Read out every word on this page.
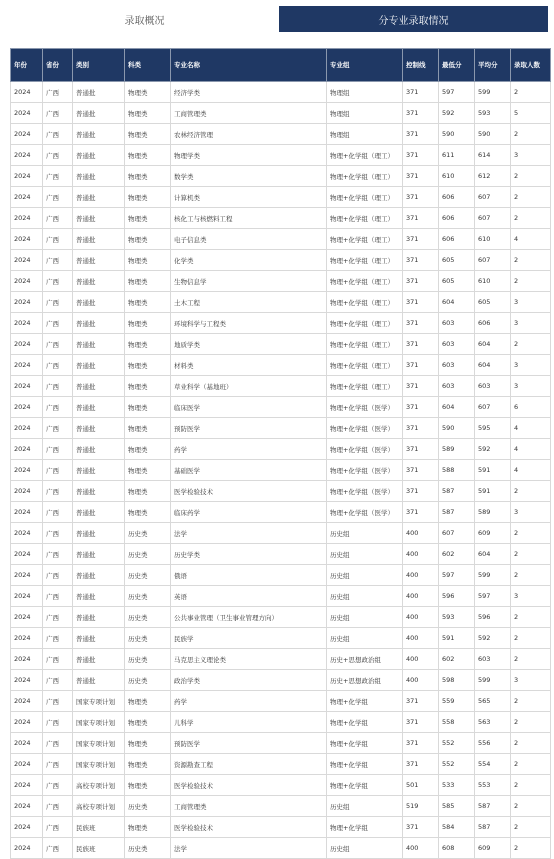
录取概况	分专业录取情况
年份	省份	类别	科类	专业名称	专业组	控制线	最低分	平均分	录取人数
2024	广西	普通批	物理类	经济学类	物理组	371	597	599	2
2024	广西	普通批	物理类	工商管理类	物理组	371	592	593	5
2024	广西	普通批	物理类	农林经济管理	物理组	371	590	590	2
2024	广西	普通批	物理类	物理学类	物理+化学组（理工）	371	611	614	3
2024	广西	普通批	物理类	数学类	物理+化学组（理工）	371	610	612	2
2024	广西	普通批	物理类	计算机类	物理+化学组（理工）	371	606	607	2
2024	广西	普通批	物理类	核化工与核燃料工程	物理+化学组（理工）	371	606	607	2
2024	广西	普通批	物理类	电子信息类	物理+化学组（理工）	371	606	610	4
2024	广西	普通批	物理类	化学类	物理+化学组（理工）	371	605	607	2
2024	广西	普通批	物理类	生物信息学	物理+化学组（理工）	371	605	610	2
2024	广西	普通批	物理类	土木工程	物理+化学组（理工）	371	604	605	3
2024	广西	普通批	物理类	环境科学与工程类	物理+化学组（理工）	371	603	606	3
2024	广西	普通批	物理类	地质学类	物理+化学组（理工）	371	603	604	2
2024	广西	普通批	物理类	材料类	物理+化学组（理工）	371	603	604	3
2024	广西	普通批	物理类	草业科学（基地班）	物理+化学组（理工）	371	603	603	3
2024	广西	普通批	物理类	临床医学	物理+化学组（医学）	371	604	607	6
2024	广西	普通批	物理类	预防医学	物理+化学组（医学）	371	590	595	4
2024	广西	普通批	物理类	药学	物理+化学组（医学）	371	589	592	4
2024	广西	普通批	物理类	基础医学	物理+化学组（医学）	371	588	591	4
2024	广西	普通批	物理类	医学检验技术	物理+化学组（医学）	371	587	591	2
2024	广西	普通批	物理类	临床药学	物理+化学组（医学）	371	587	589	3
2024	广西	普通批	历史类	法学	历史组	400	607	609	2
2024	广西	普通批	历史类	历史学类	历史组	400	602	604	2
2024	广西	普通批	历史类	俄语	历史组	400	597	599	2
2024	广西	普通批	历史类	英语	历史组	400	596	597	3
2024	广西	普通批	历史类	公共事业管理（卫生事业管理方向）	历史组	400	593	596	2
2024	广西	普通批	历史类	民族学	历史组	400	591	592	2
2024	广西	普通批	历史类	马克思主义理论类	历史+思想政治组	400	602	603	2
2024	广西	普通批	历史类	政治学类	历史+思想政治组	400	598	599	3
2024	广西	国家专项计划	物理类	药学	物理+化学组	371	559	565	2
2024	广西	国家专项计划	物理类	儿科学	物理+化学组	371	558	563	2
2024	广西	国家专项计划	物理类	预防医学	物理+化学组	371	552	556	2
2024	广西	国家专项计划	物理类	资源勘查工程	物理+化学组	371	552	554	2
2024	广西	高校专项计划	物理类	医学检验技术	物理+化学组	501	533	553	2
2024	广西	高校专项计划	历史类	工商管理类	历史组	519	585	587	2
2024	广西	民族班	物理类	医学检验技术	物理+化学组	371	584	587	2
2024	广西	民族班	历史类	法学	历史组	400	608	609	2
